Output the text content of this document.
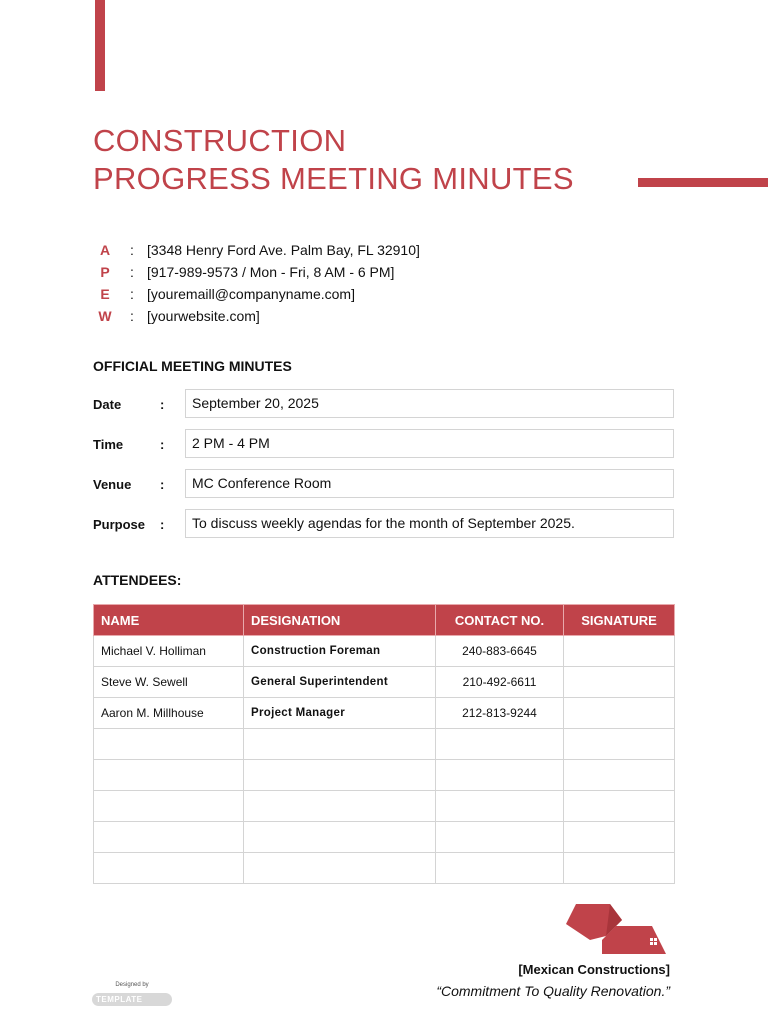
CONSTRUCTION
PROGRESS MEETING MINUTES
A	: [3348 Henry Ford Ave. Palm Bay, FL 32910]
P	: [917-989-9573 / Mon - Fri, 8 AM - 6 PM]
E	: [youremaill@companyname.com]
W	: [yourwebsite.com]
OFFICIAL MEETING MINUTES
Date	:	September 20, 2025
Time	:	2 PM - 4 PM
Venue :	MC Conference Room
Purpose :	To discuss weekly agendas for the month of September 2025.
ATTENDEES:
NAME	DESIGNATION	CONTACT NO.	SIGNATURE
Michael V. Holliman	Construction Foreman	240-883-6645	
Steve W. Sewell	General Superintendent	210-492-6611	
Aaron M. Millhouse	Project Manager	212-813-9244	

[Mexican Constructions]
“Commitment To Quality Renovation.”
Designed by
TEMPLATE
